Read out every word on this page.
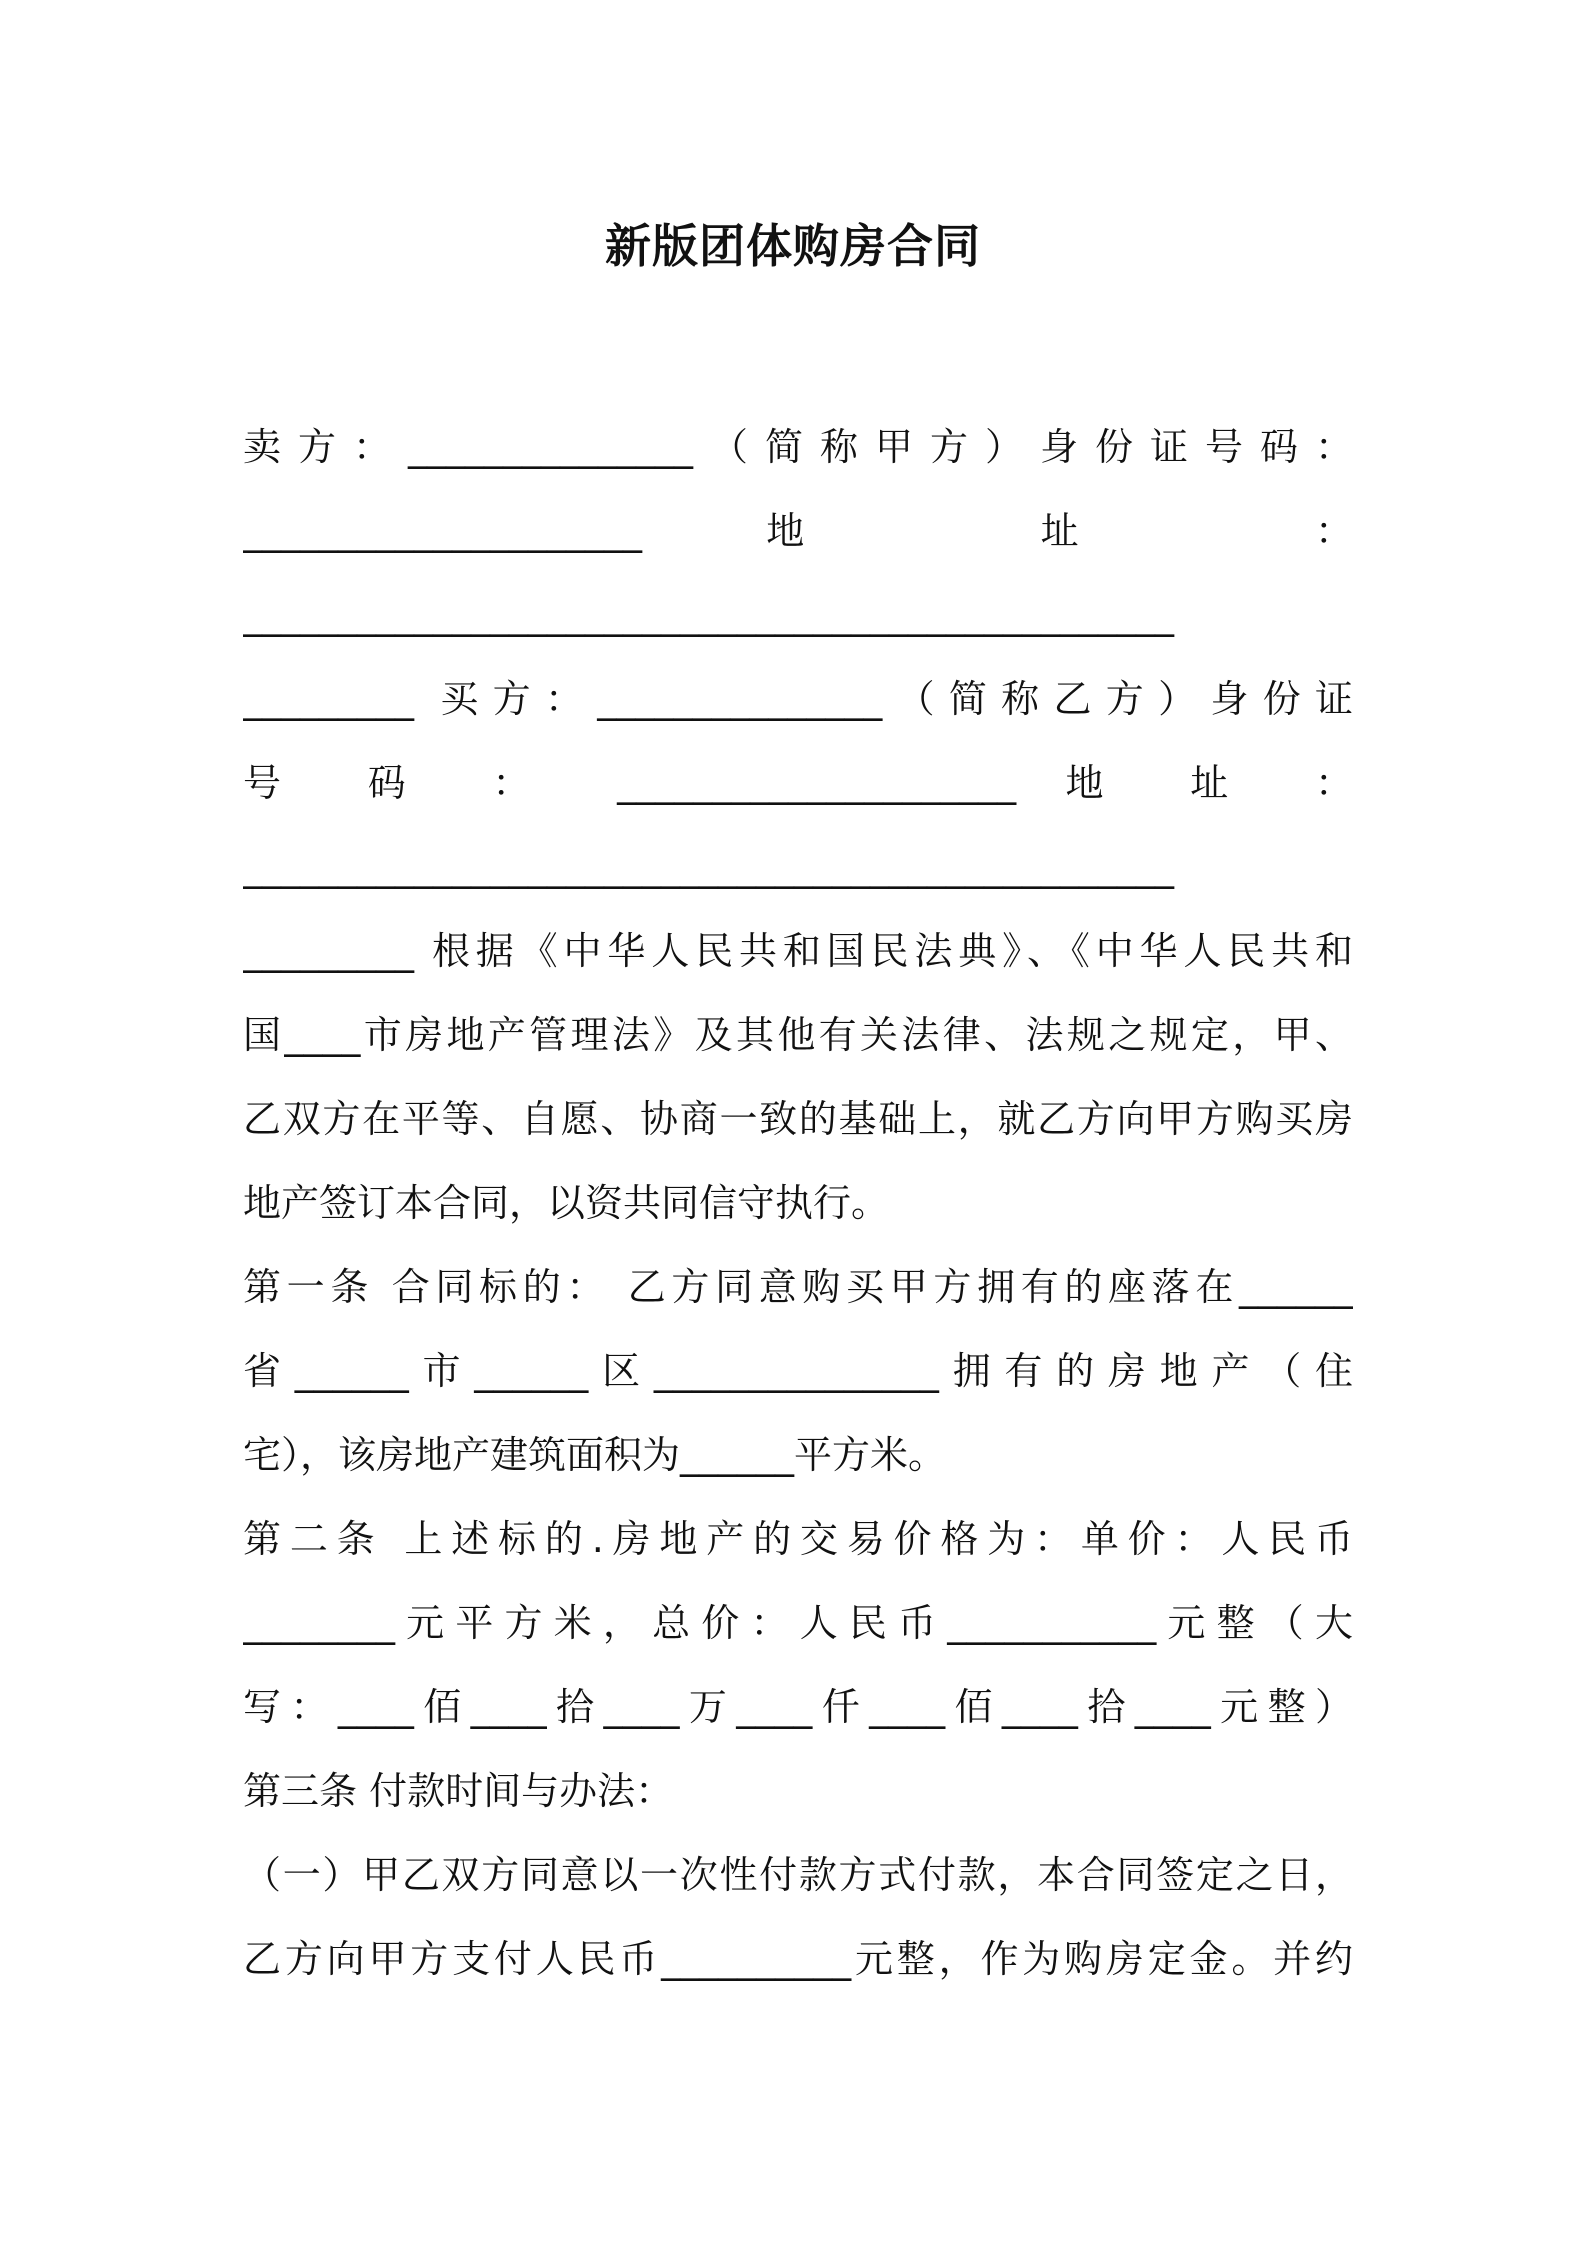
新版团体购房合同
卖方：_______________（简称甲方）身份证号码：
_____________________ 地 址 ：
_________________________________________________
_________ 买方：_______________（简称乙方）身份证
号 码 ： _____________________ 地 址 ：
_________________________________________________
_________ 根据《中华人民共和国民法典》、《中华人民共和
国____市房地产管理法》及其他有关法律、法规之规定，甲、
乙双方在平等、自愿、协商一致的基础上，就乙方向甲方购买房
地产签订本合同，以资共同信守执行。
第一条 合同标的： 乙方同意购买甲方拥有的座落在______
省______市______区_______________拥有的房地产（住
宅），该房地产建筑面积为______平方米。
第二条 上述标的.房地产的交易价格为：单价：人民币
________元平方米，总价：人民币___________元整（大
写：____佰____拾____万____仟____佰____拾____元整）
第三条 付款时间与办法：
（一）甲乙双方同意以一次性付款方式付款，本合同签定之日，
乙方向甲方支付人民币__________元整，作为购房定金。并约
